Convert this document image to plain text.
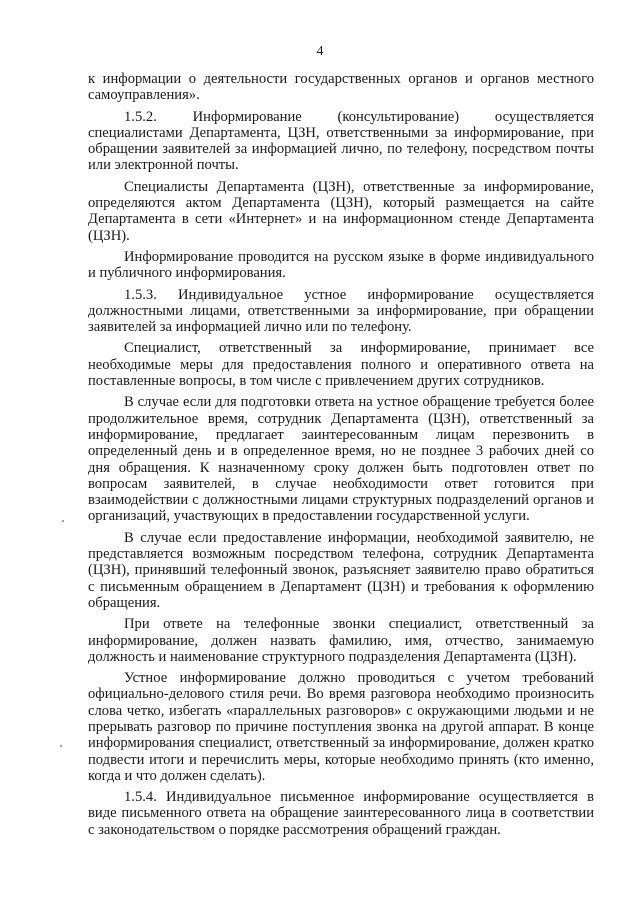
4

к информации о деятельности государственных органов и органов местного самоуправления».

1.5.2. Информирование (консультирование) осуществляется специалистами Департамента, ЦЗН, ответственными за информирование, при обращении заявителей за информацией лично, по телефону, посредством почты или электронной почты.

Специалисты Департамента (ЦЗН), ответственные за информирование, определяются актом Департамента (ЦЗН), который размещается на сайте Департамента в сети «Интернет» и на информационном стенде Департамента (ЦЗН).

Информирование проводится на русском языке в форме индивидуального и публичного информирования.

1.5.3. Индивидуальное устное информирование осуществляется должностными лицами, ответственными за информирование, при обращении заявителей за информацией лично или по телефону.

Специалист, ответственный за информирование, принимает все необходимые меры для предоставления полного и оперативного ответа на поставленные вопросы, в том числе с привлечением других сотрудников.

В случае если для подготовки ответа на устное обращение требуется более продолжительное время, сотрудник Департамента (ЦЗН), ответственный за информирование, предлагает заинтересованным лицам перезвонить в определенный день и в определенное время, но не позднее 3 рабочих дней со дня обращения. К назначенному сроку должен быть подготовлен ответ по вопросам заявителей, в случае необходимости ответ готовится при взаимодействии с должностными лицами структурных подразделений органов и организаций, участвующих в предоставлении государственной услуги.

В случае если предоставление информации, необходимой заявителю, не представляется возможным посредством телефона, сотрудник Департамента (ЦЗН), принявший телефонный звонок, разъясняет заявителю право обратиться с письменным обращением в Департамент (ЦЗН) и требования к оформлению обращения.

При ответе на телефонные звонки специалист, ответственный за информирование, должен назвать фамилию, имя, отчество, занимаемую должность и наименование структурного подразделения Департамента (ЦЗН).

Устное информирование должно проводиться с учетом требований официально-делового стиля речи. Во время разговора необходимо произносить слова четко, избегать «параллельных разговоров» с окружающими людьми и не прерывать разговор по причине поступления звонка на другой аппарат. В конце информирования специалист, ответственный за информирование, должен кратко подвести итоги и перечислить меры, которые необходимо принять (кто именно, когда и что должен сделать).

1.5.4. Индивидуальное письменное информирование осуществляется в виде письменного ответа на обращение заинтересованного лица в соответствии с законодательством о порядке рассмотрения обращений граждан.
